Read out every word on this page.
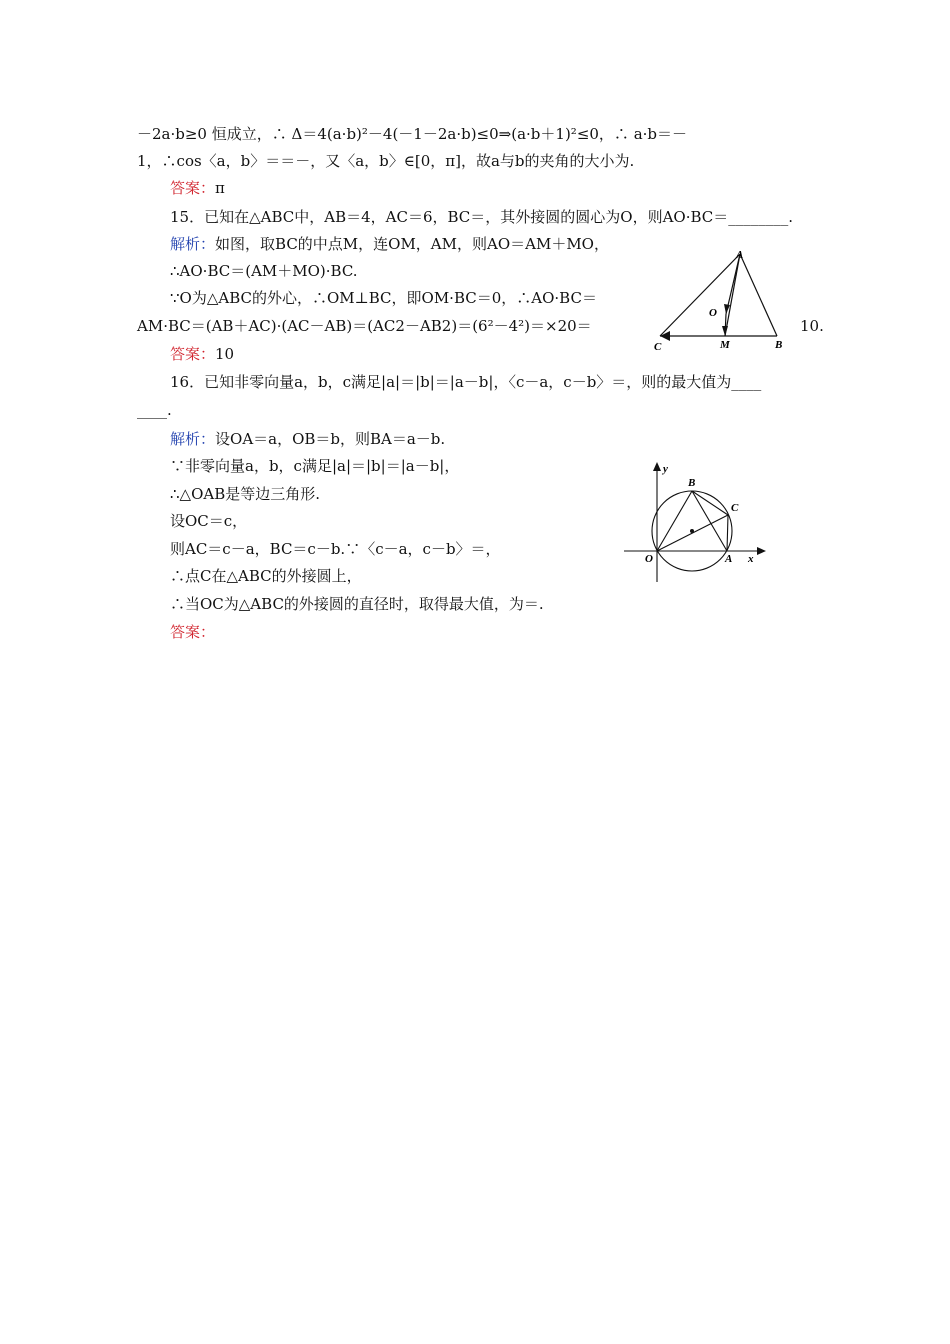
－2a·b≥0 恒成立，∴ Δ＝4(a·b)²－4(－1－2a·b)≤0⇒(a·b＋1)²≤0，∴ a·b＝－
1，∴cos〈a，b〉＝＝－，又〈a，b〉∈[0，π]，故a与b的夹角的大小为.
答案：π
15．已知在△ABC中，AB＝4，AC＝6，BC＝，其外接圆的圆心为O，则AO·BC＝________.
解析：如图，取BC的中点M，连OM，AM，则AO＝AM＋MO，
∴AO·BC＝(AM＋MO)·BC.
∵O为△ABC的外心，∴OM⊥BC，即OM·BC＝0，∴AO·BC＝
AM·BC＝(AB＋AC)·(AC－AB)＝(AC2－AB2)＝(6²－4²)＝×20＝	10.
答案：10
16．已知非零向量a，b，c满足|a|＝|b|＝|a－b|，〈c－a，c－b〉＝，则的最大值为____
____.
解析：设OA＝a，OB＝b，则BA＝a－b.
∵非零向量a，b，c满足|a|＝|b|＝|a－b|，
∴△OAB是等边三角形.
设OC＝c，
则AC＝c－a，BC＝c－b.∵〈c－a，c－b〉＝，
∴点C在△ABC的外接圆上，
∴当OC为△ABC的外接圆的直径时，取得最大值，为＝.
答案：
A
O
C	M	B
y
B
C
O	A x
